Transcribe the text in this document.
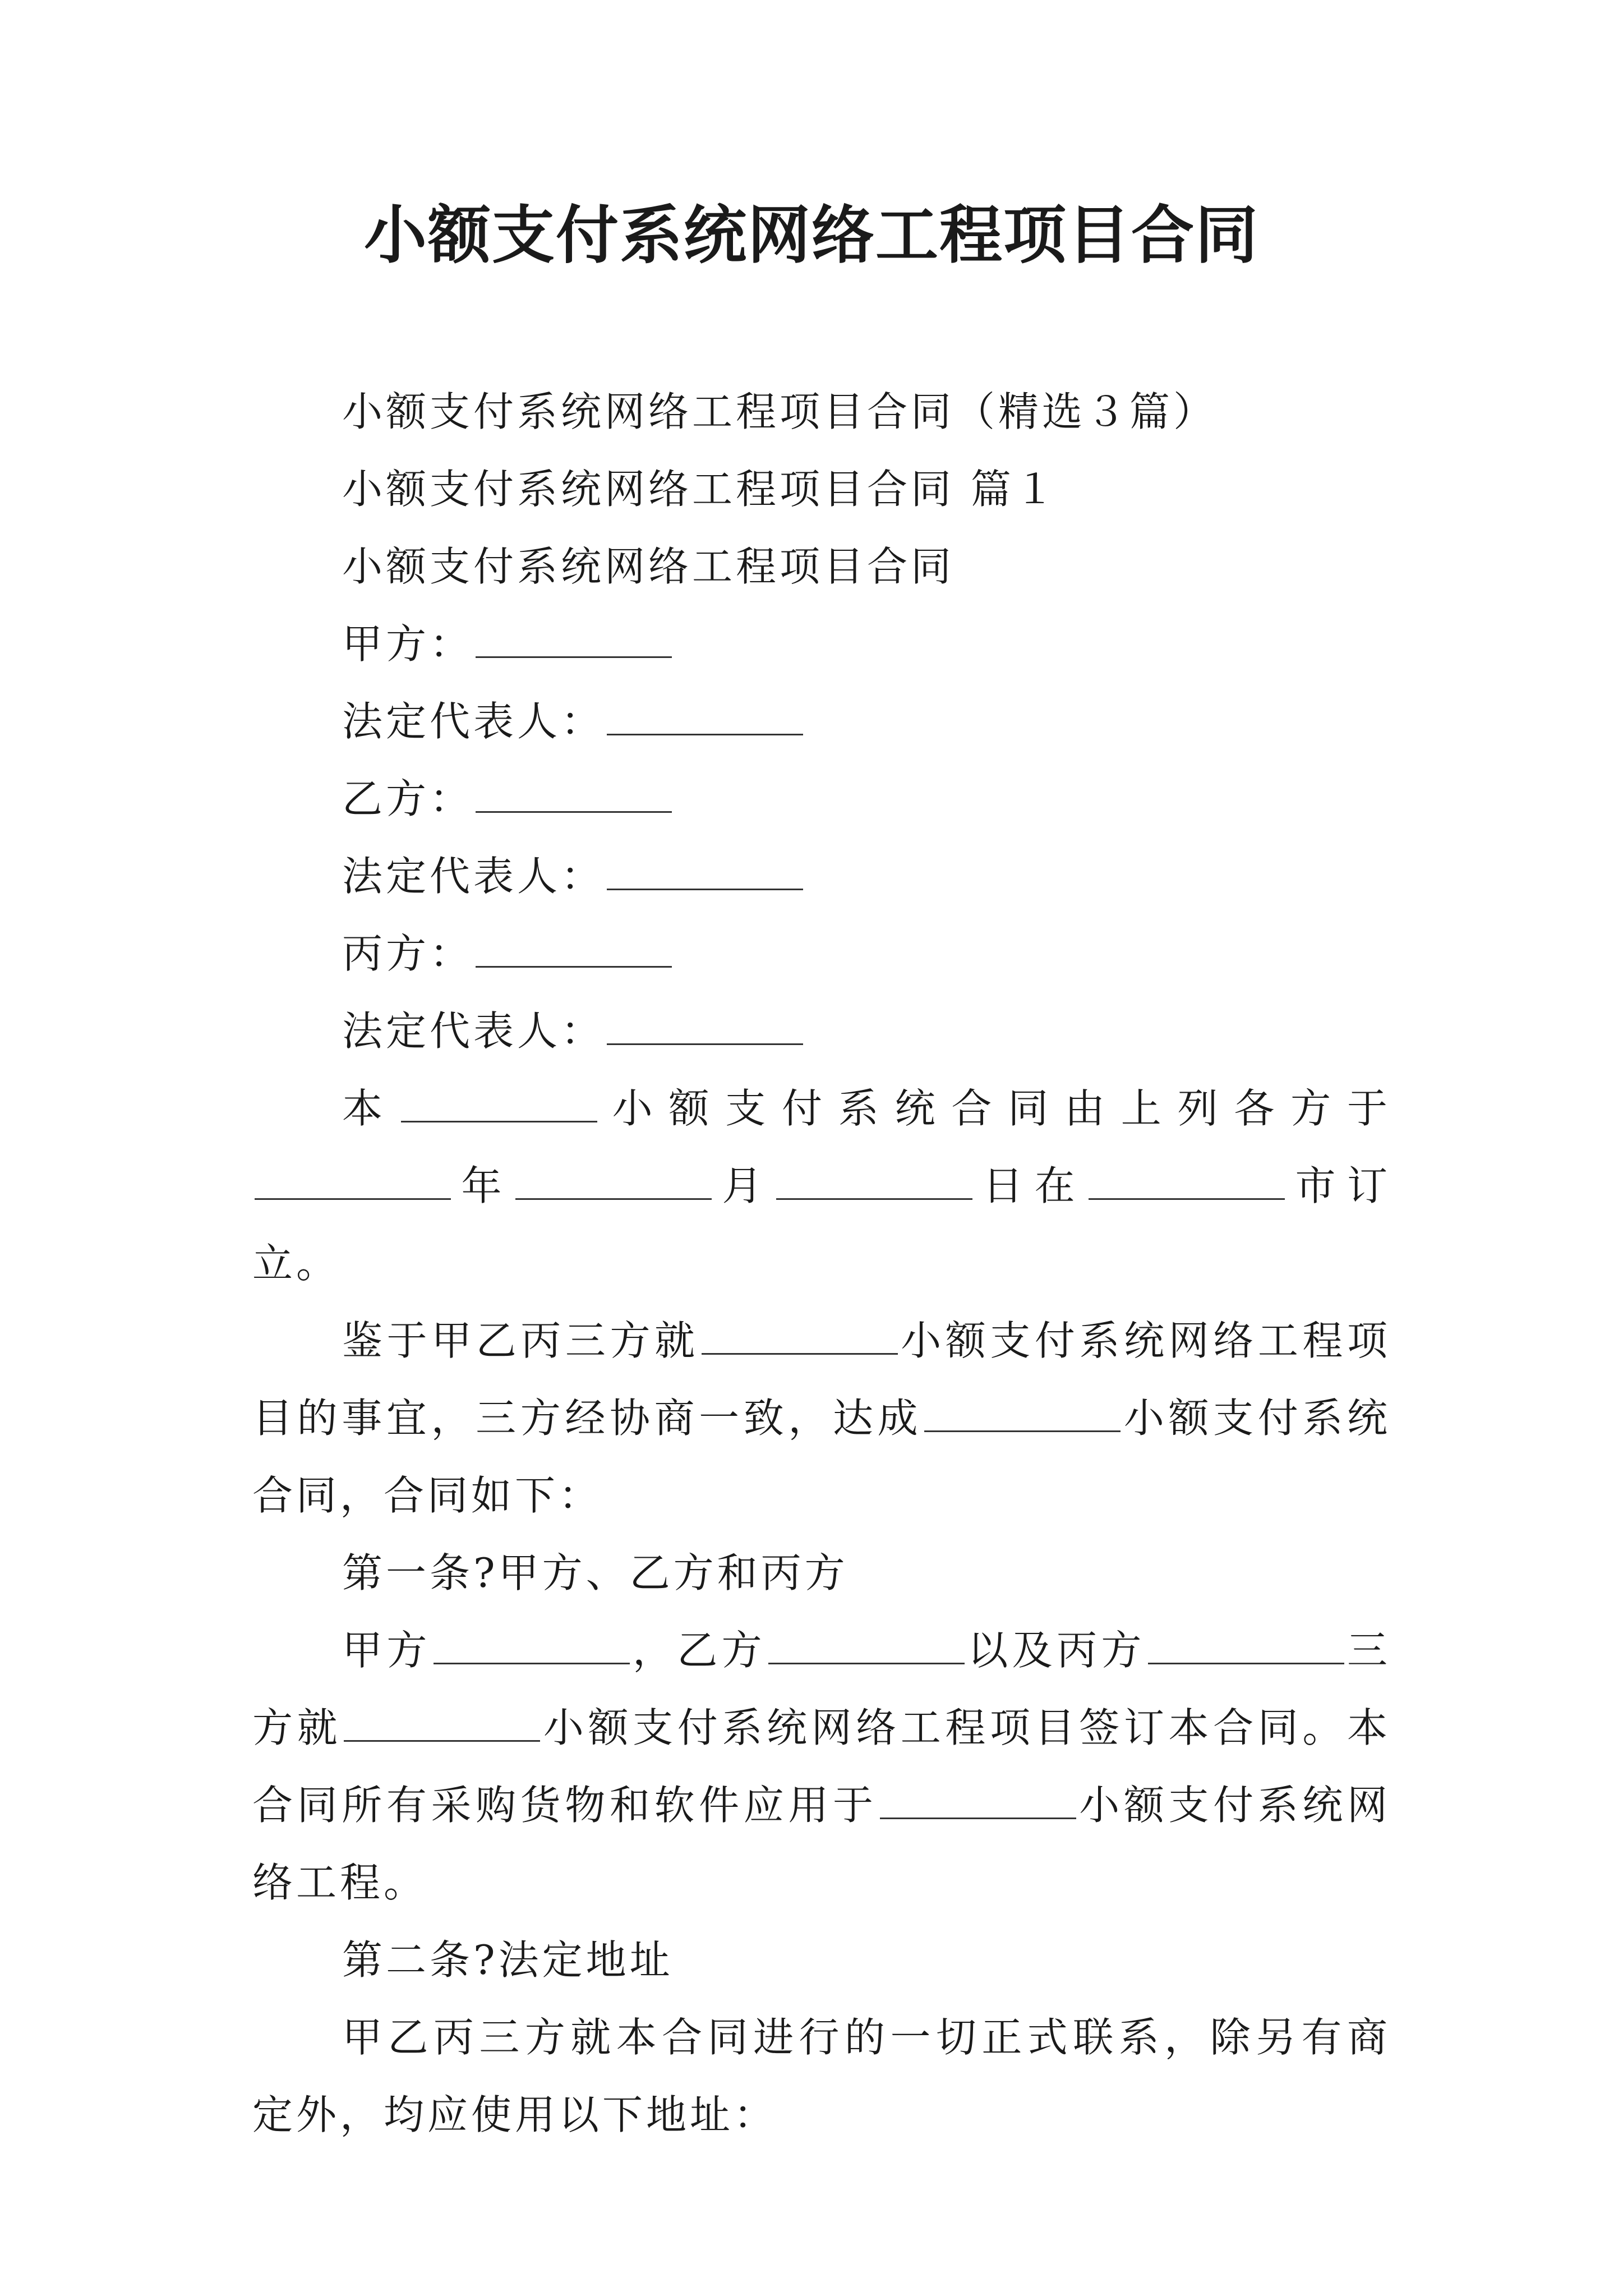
小额支付系统网络工程项目合同

小额支付系统网络工程项目合同（精选３篇）

小额支付系统网络工程项目合同 篇１

小额支付系统网络工程项目合同

甲方：

法定代表人：

乙方：

法定代表人：

丙方：

法定代表人：

本	小额支付系统合同由上列各方于年	月	日在	市订立。

鉴于甲乙丙三方就	小额支付系统网络工程项目的事宜，三方经协商一致，达成	小额支付系统合同，合同如下：

第一条?甲方、乙方和丙方

甲方	，乙方	以及丙方	三方就	小额支付系统网络工程项目签订本合同。本合同所有采购货物和软件应用于	小额支付系统网络工程。

第二条?法定地址

甲乙丙三方就本合同进行的一切正式联系，除另有商定外，均应使用以下地址：
